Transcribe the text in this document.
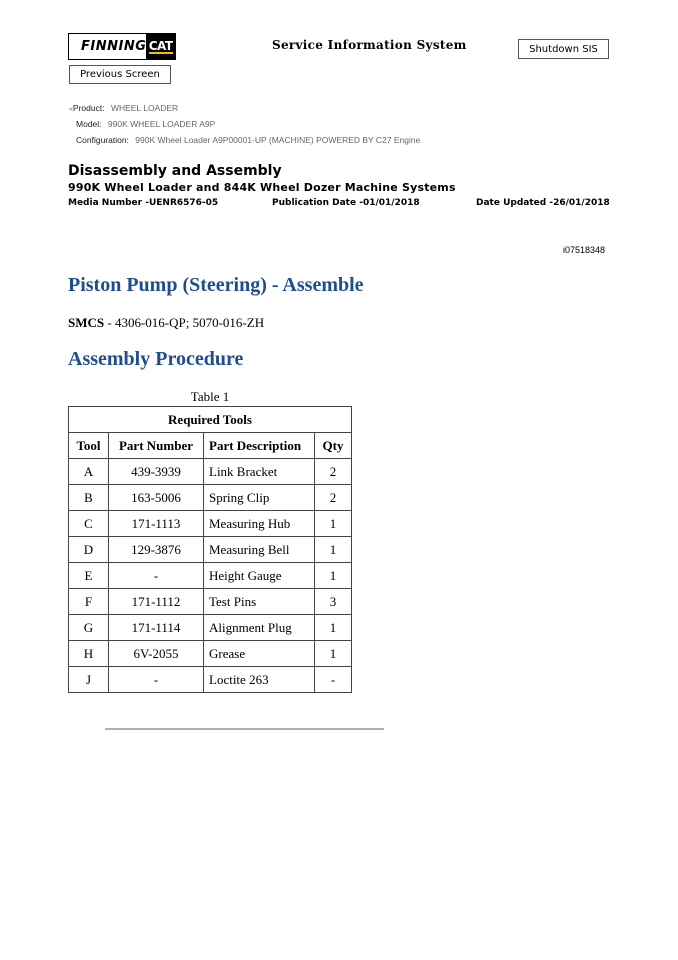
FINNING CAT
Previous Screen
Service Information System	Shutdown SIS
«Product: WHEEL LOADER
Model: 990K WHEEL LOADER A9P
Configuration: 990K Wheel Loader A9P00001-UP (MACHINE) POWERED BY C27 Engine
Disassembly and Assembly
990K Wheel Loader and 844K Wheel Dozer Machine Systems
Media Number -UENR6576-05	Publication Date -01/01/2018	Date Updated -26/01/2018
i07518348
Piston Pump (Steering) - Assemble
SMCS - 4306-016-QP; 5070-016-ZH
Assembly Procedure
Table 1
Required Tools			
Tool	Part Number	Part Description	Qty
A	439-3939	Link Bracket	2
B	163-5006	Spring Clip	2
C	171-1113	Measuring Hub	1
D	129-3876	Measuring Bell	1
E	-	Height Gauge	1
F	171-1112	Test Pins	3
G	171-1114	Alignment Plug	1
H	6V-2055	Grease	1
J	-	Loctite 263	-
